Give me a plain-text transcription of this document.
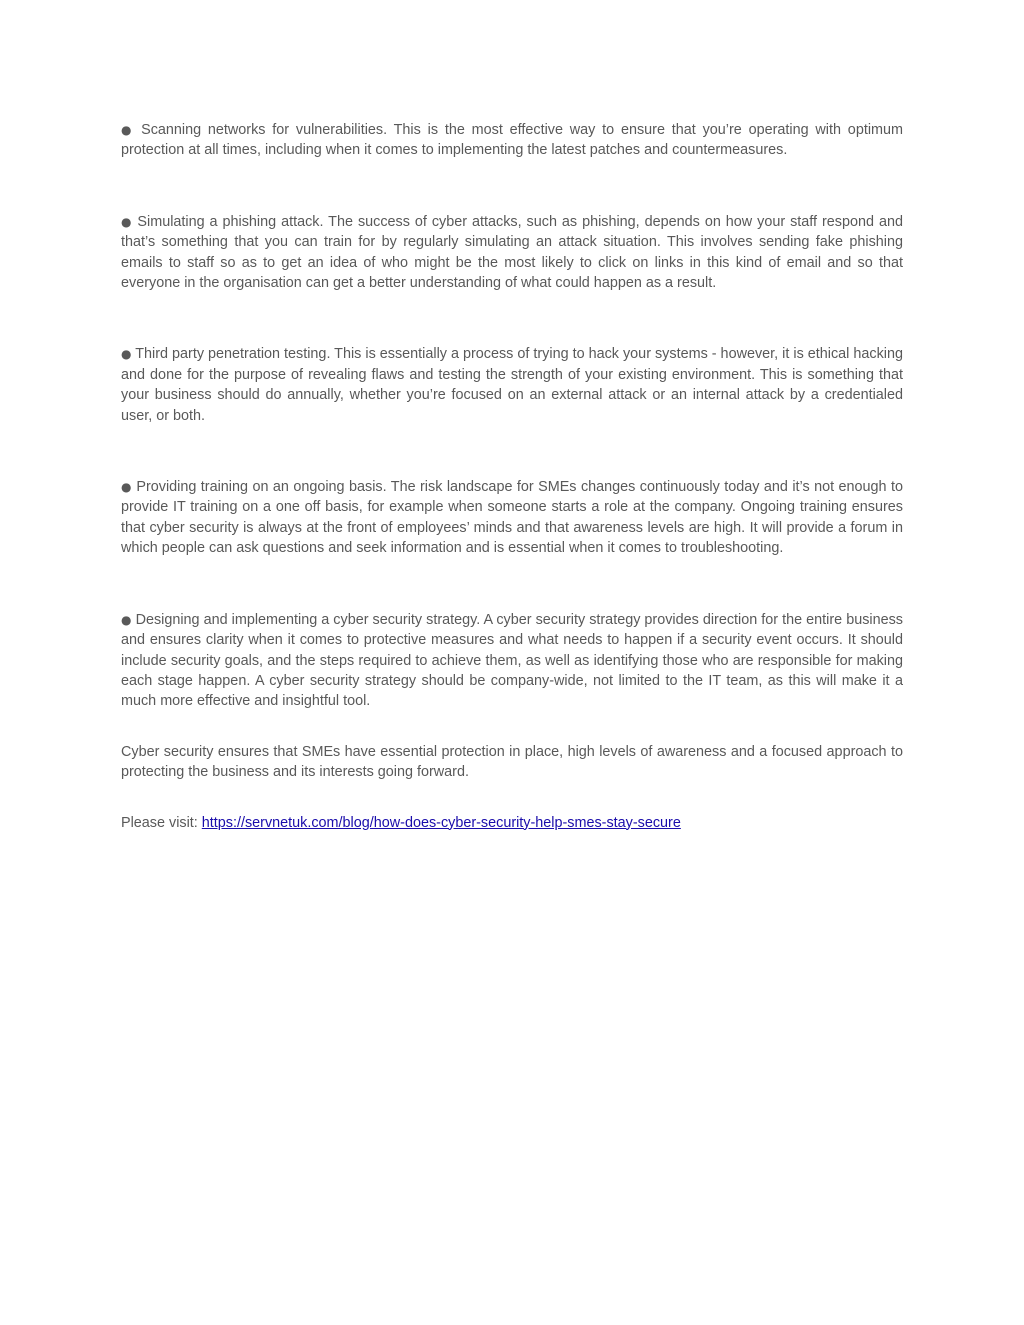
● Scanning networks for vulnerabilities. This is the most effective way to ensure that you’re operating with optimum protection at all times, including when it comes to implementing the latest patches and countermeasures.

● Simulating a phishing attack. The success of cyber attacks, such as phishing, depends on how your staff respond and that’s something that you can train for by regularly simulating an attack situation. This involves sending fake phishing emails to staff so as to get an idea of who might be the most likely to click on links in this kind of email and so that everyone in the organisation can get a better understanding of what could happen as a result.

● Third party penetration testing. This is essentially a process of trying to hack your systems - however, it is ethical hacking and done for the purpose of revealing flaws and testing the strength of your existing environment. This is something that your business should do annually, whether you’re focused on an external attack or an internal attack by a credentialed user, or both.

● Providing training on an ongoing basis. The risk landscape for SMEs changes continuously today and it’s not enough to provide IT training on a one off basis, for example when someone starts a role at the company. Ongoing training ensures that cyber security is always at the front of employees’ minds and that awareness levels are high. It will provide a forum in which people can ask questions and seek information and is essential when it comes to troubleshooting.

● Designing and implementing a cyber security strategy. A cyber security strategy provides direction for the entire business and ensures clarity when it comes to protective measures and what needs to happen if a security event occurs. It should include security goals, and the steps required to achieve them, as well as identifying those who are responsible for making each stage happen. A cyber security strategy should be company-wide, not limited to the IT team, as this will make it a much more effective and insightful tool.

Cyber security ensures that SMEs have essential protection in place, high levels of awareness and a focused approach to protecting the business and its interests going forward.

Please visit: https://servnetuk.com/blog/how-does-cyber-security-help-smes-stay-secure
